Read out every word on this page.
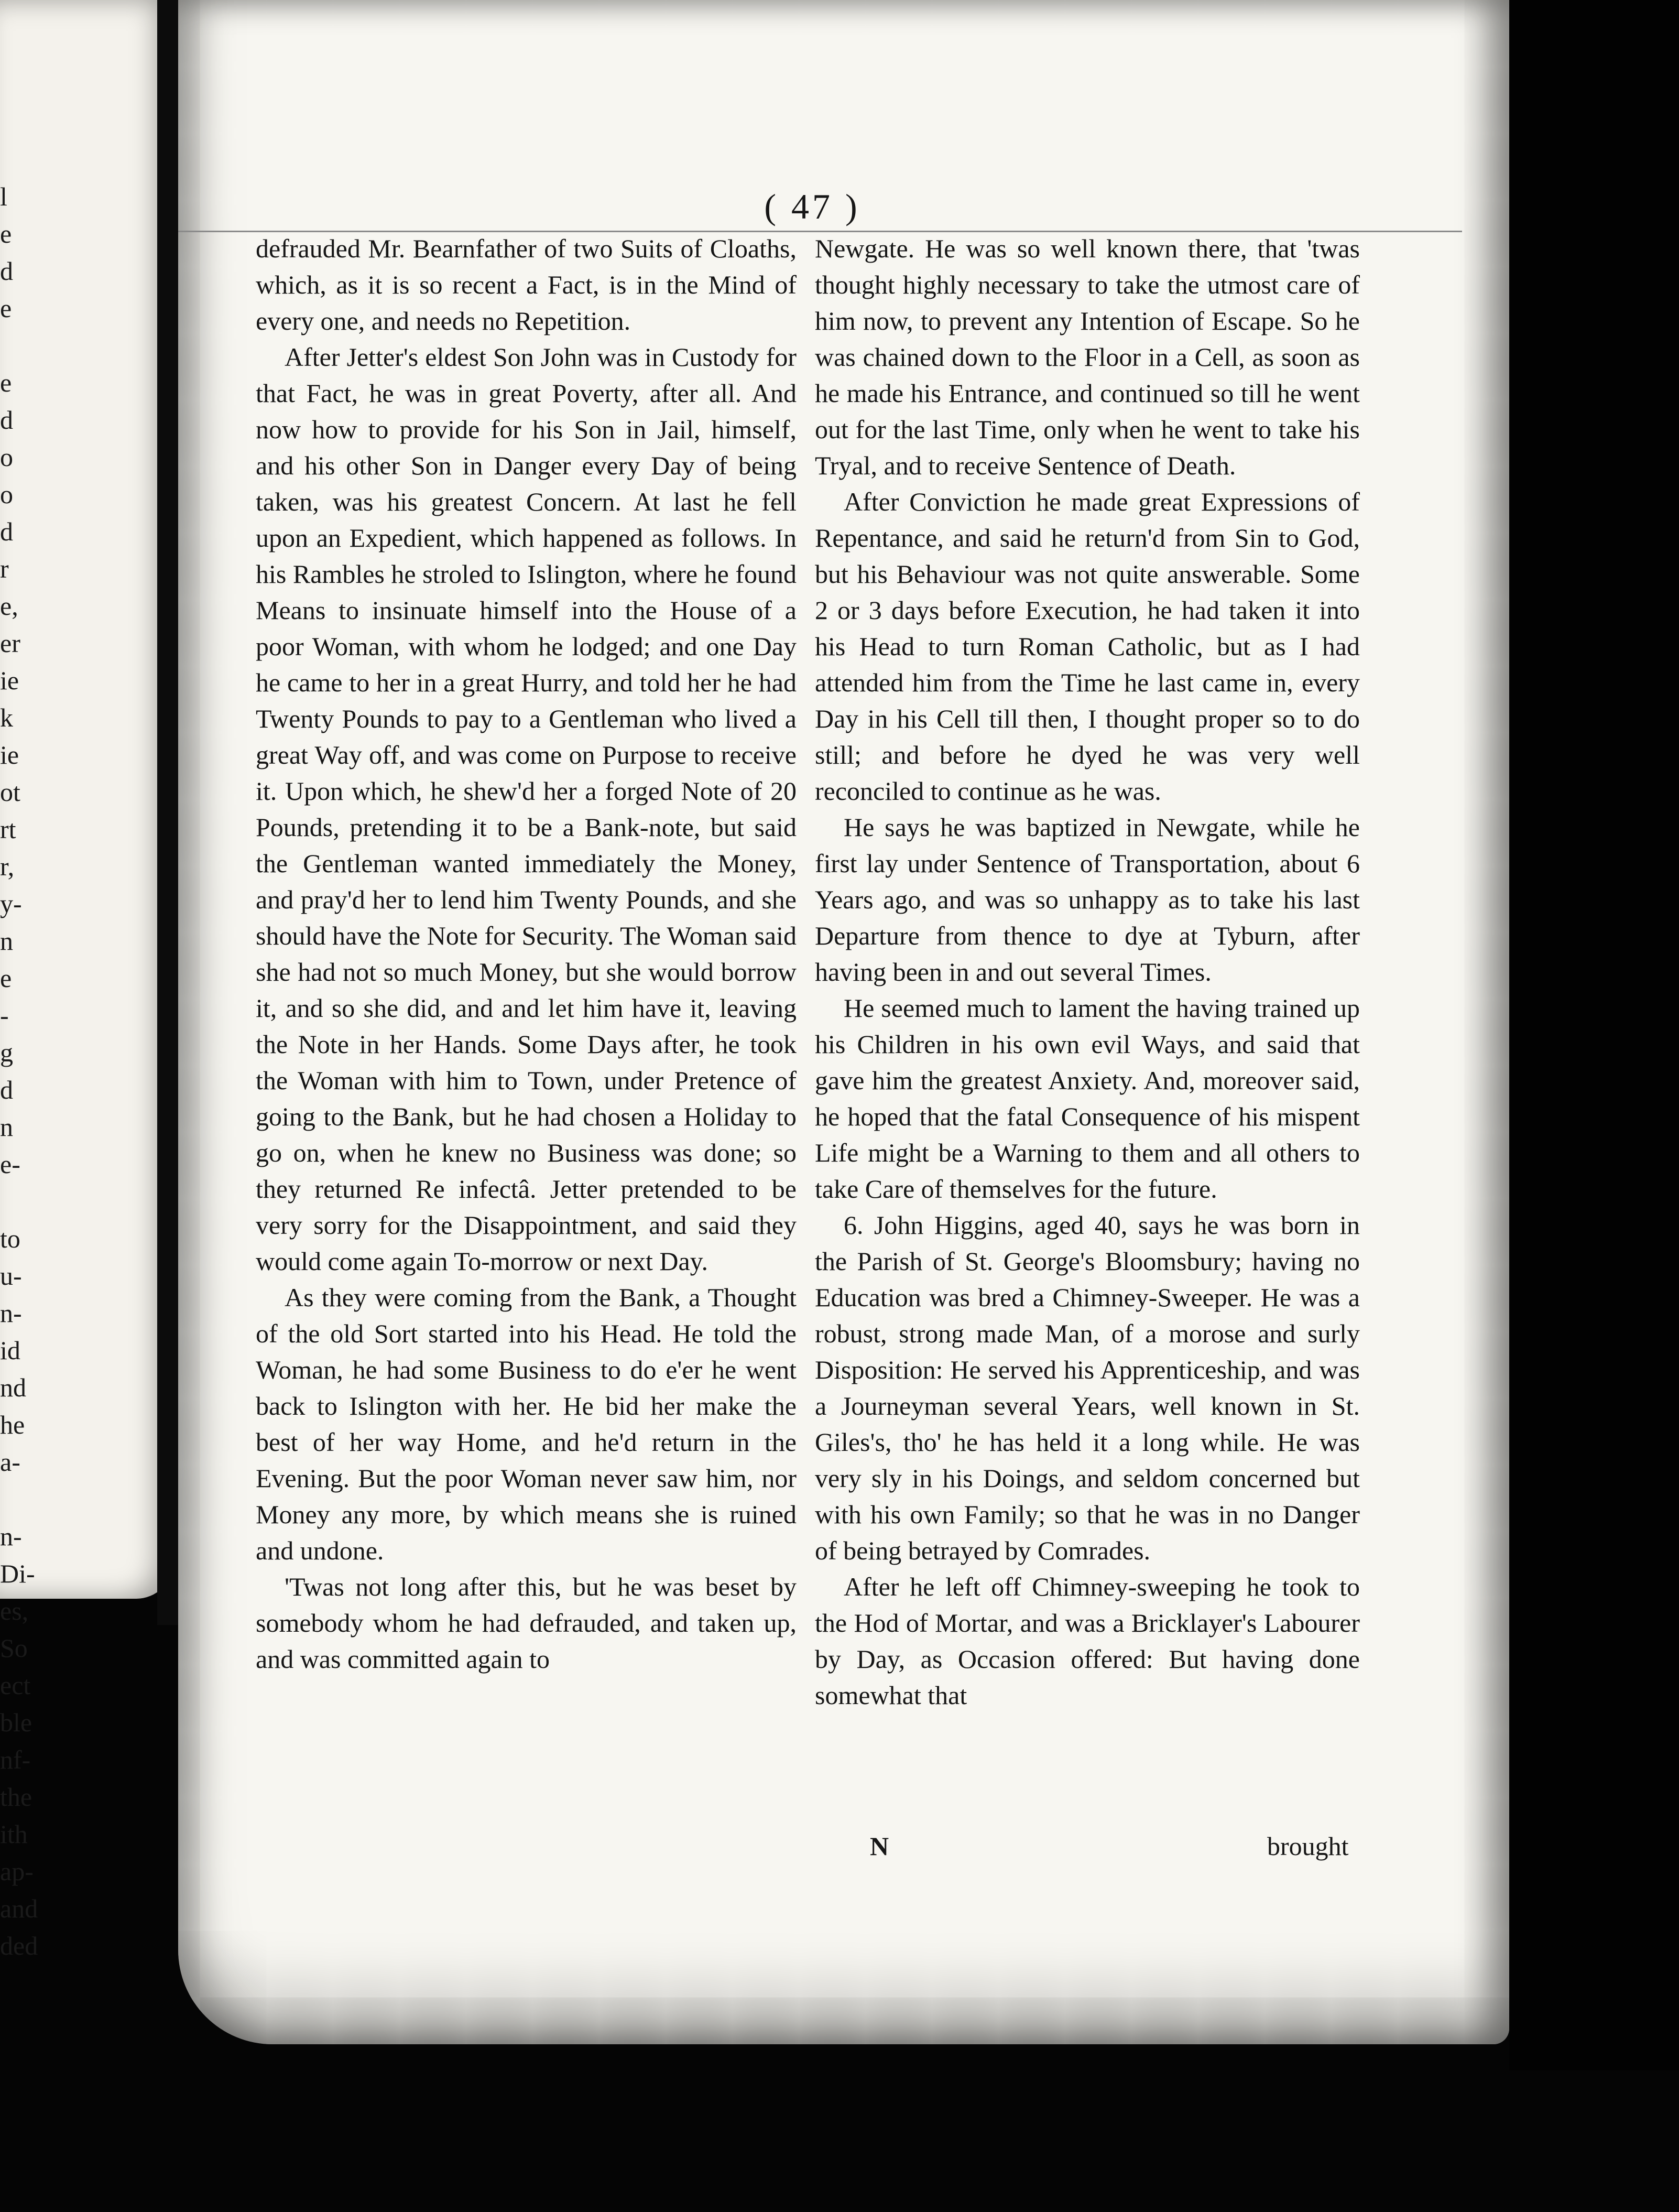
l
e
d
e
e
d
o
o
d
r
e,
er
ie
k
ie
ot
rt
r,
y-
n
e
-
g
d
n
e-
to
u-
n-
id
nd
he
a-
n-
Di-
es,
So
ect
ble
nf-
the
ith
ap-
and
ded
( 47 )

defrauded Mr. Bearnfather of two Suits of Cloaths, which, as it is so recent a Fact, is in the Mind of every one, and needs no Repetition.

After Jetter's eldest Son John was in Custody for that Fact, he was in great Poverty, after all. And now how to provide for his Son in Jail, himself, and his other Son in Danger every Day of being taken, was his greatest Concern. At last he fell upon an Expedient, which happened as follows. In his Rambles he stroled to Islington, where he found Means to insinuate himself into the House of a poor Woman, with whom he lodged; and one Day he came to her in a great Hurry, and told her he had Twenty Pounds to pay to a Gentleman who lived a great Way off, and was come on Purpose to receive it. Upon which, he shew'd her a forged Note of 20 Pounds, pretending it to be a Bank-note, but said the Gentleman wanted immediately the Money, and pray'd her to lend him Twenty Pounds, and she should have the Note for Security. The Woman said she had not so much Money, but she would borrow it, and so she did, and and let him have it, leaving the Note in her Hands. Some Days after, he took the Woman with him to Town, under Pretence of going to the Bank, but he had chosen a Holiday to go on, when he knew no Business was done; so they returned Re infectâ. Jetter pretended to be very sorry for the Disappointment, and said they would come again To-morrow or next Day.

As they were coming from the Bank, a Thought of the old Sort started into his Head. He told the Woman, he had some Business to do e'er he went back to Islington with her. He bid her make the best of her way Home, and he'd return in the Evening. But the poor Woman never saw him, nor Money any more, by which means she is ruined and undone.

'Twas not long after this, but he was beset by somebody whom he had defrauded, and taken up, and was committed again to

Newgate. He was so well known there, that 'twas thought highly necessary to take the utmost care of him now, to prevent any Intention of Escape. So he was chained down to the Floor in a Cell, as soon as he made his Entrance, and continued so till he went out for the last Time, only when he went to take his Tryal, and to receive Sentence of Death.

After Conviction he made great Expressions of Repentance, and said he return'd from Sin to God, but his Behaviour was not quite answerable. Some 2 or 3 days before Execution, he had taken it into his Head to turn Roman Catholic, but as I had attended him from the Time he last came in, every Day in his Cell till then, I thought proper so to do still; and before he dyed he was very well reconciled to continue as he was.

He says he was baptized in Newgate, while he first lay under Sentence of Transportation, about 6 Years ago, and was so unhappy as to take his last Departure from thence to dye at Tyburn, after having been in and out several Times.

He seemed much to lament the having trained up his Children in his own evil Ways, and said that gave him the greatest Anxiety. And, moreover said, he hoped that the fatal Consequence of his mispent Life might be a Warning to them and all others to take Care of themselves for the future.

6. John Higgins, aged 40, says he was born in the Parish of St. George's Bloomsbury; having no Education was bred a Chimney-Sweeper. He was a robust, strong made Man, of a morose and surly Disposition: He served his Apprenticeship, and was a Journeyman several Years, well known in St. Giles's, tho' he has held it a long while. He was very sly in his Doings, and seldom concerned but with his own Family; so that he was in no Danger of being betrayed by Comrades.

After he left off Chimney-sweeping he took to the Hod of Mortar, and was a Bricklayer's Labourer by Day, as Occasion offered: But having done somewhat that

N	brought
